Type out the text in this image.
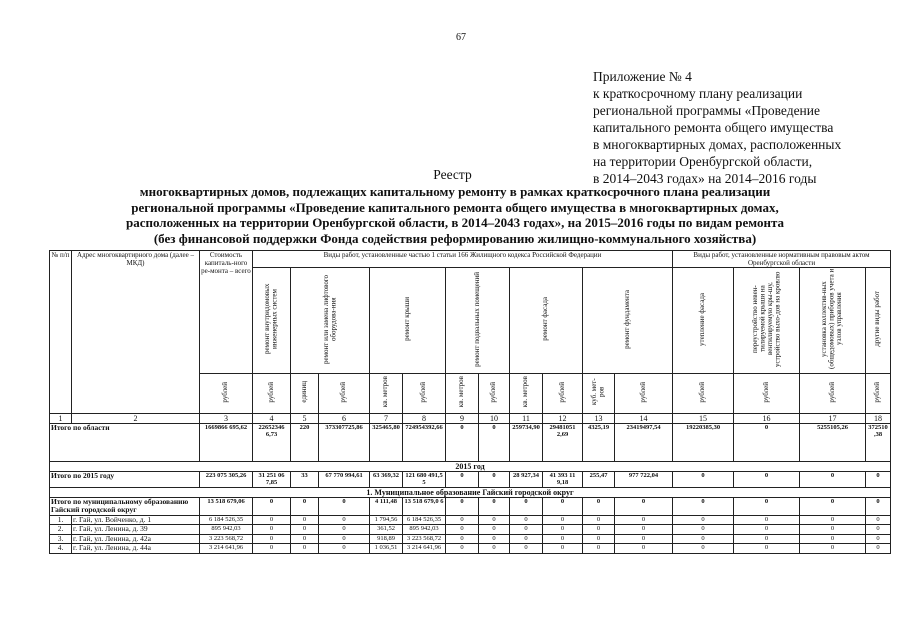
67
Приложение № 4
к краткосрочному плану реализации
региональной программы «Проведение
капитального ремонта общего имущества
в многоквартирных домах, расположенных
на территории Оренбургской области,
в 2014–2043 годах» на 2014–2016 годы
Реестр
многоквартирных домов, подлежащих капитальному ремонту в рамках краткосрочного плана реализации
региональной программы «Проведение капитального ремонта общего имущества в многоквартирных домах,
расположенных на территории Оренбургской области, в 2014–2043 годах», на 2015–2016 годы по видам ремонта
(без финансовой поддержки Фонда содействия реформированию жилищно-коммунального хозяйства)
№ п/п	Адрес многоквартирного дома (далее – МКД)	Стоимость капиталь-ного ре-монта – всего	Виды работ, установленные частью 1 статьи 166 Жилищного кодекса Российской Федерации											Виды работ, установленные нормативным правовым актом Оренбургской области			
			ремонт внутридомовых инженерных систем	ремонт или замена лифтового оборудова-ния		ремонт крыши		ремонт подвальных помещений		ремонт фасада		ремонт фундамента		утепление фасада	переустройство невен-тилируемой крыши на вентилируемую кры-шу, устройство выхо-дов на кровлю	установка коллектив-ных (общедомовых) приборов учета и узлов управления	другие виды работ
		рублей	рублей	единиц	рублей	кв. метров	рублей	кв. метров	рублей	кв. метров	рублей	куб. мет-ров	рублей	рублей	рублей	рублей	рублей
1	2	3	4	5	6	7	8	9	10	11	12	13	14	15	16	17	18
Итого по области		1669866 695,62	22652346 6,73	220	373307725,86	325465,80	724954392,66	0	0	259734,90	29481051 2,69	4325,19	23419497,54	19220385,30	0	5255105,26	372510 ,38
2015 год																	
Итого по 2015 году		223 075 305,26	31 251 06 7,85	33	67 770 994,61	63 369,32	121 680 491,5 5	0	0	28 927,34	41 393 11 9,18	255,47	977 722,04	0	0	0	0
1. Муниципальное образование Гайский городской округ																	
Итого по муниципальному образованию Гайский городской округ		13 518 679,06	0	0	0	4 111,48	13 518 679,0 6	0	0	0	0	0	0	0	0	0	0
1.	г. Гай, ул. Войченко, д. 1	6 184 526,35	0	0	0	1 794,56	6 184 526,35	0	0	0	0	0	0	0	0	0	0
2.	г. Гай, ул. Ленина, д. 39	895 942,03	0	0	0	361,52	895 942,03	0	0	0	0	0	0	0	0	0	0
3.	г. Гай, ул. Ленина, д. 42а	3 223 568,72	0	0	0	918,89	3 223 568,72	0	0	0	0	0	0	0	0	0	0
4.	г. Гай, ул. Ленина, д. 44а	3 214 641,96	0	0	0	1 036,51	3 214 641,96	0	0	0	0	0	0	0	0	0	0
